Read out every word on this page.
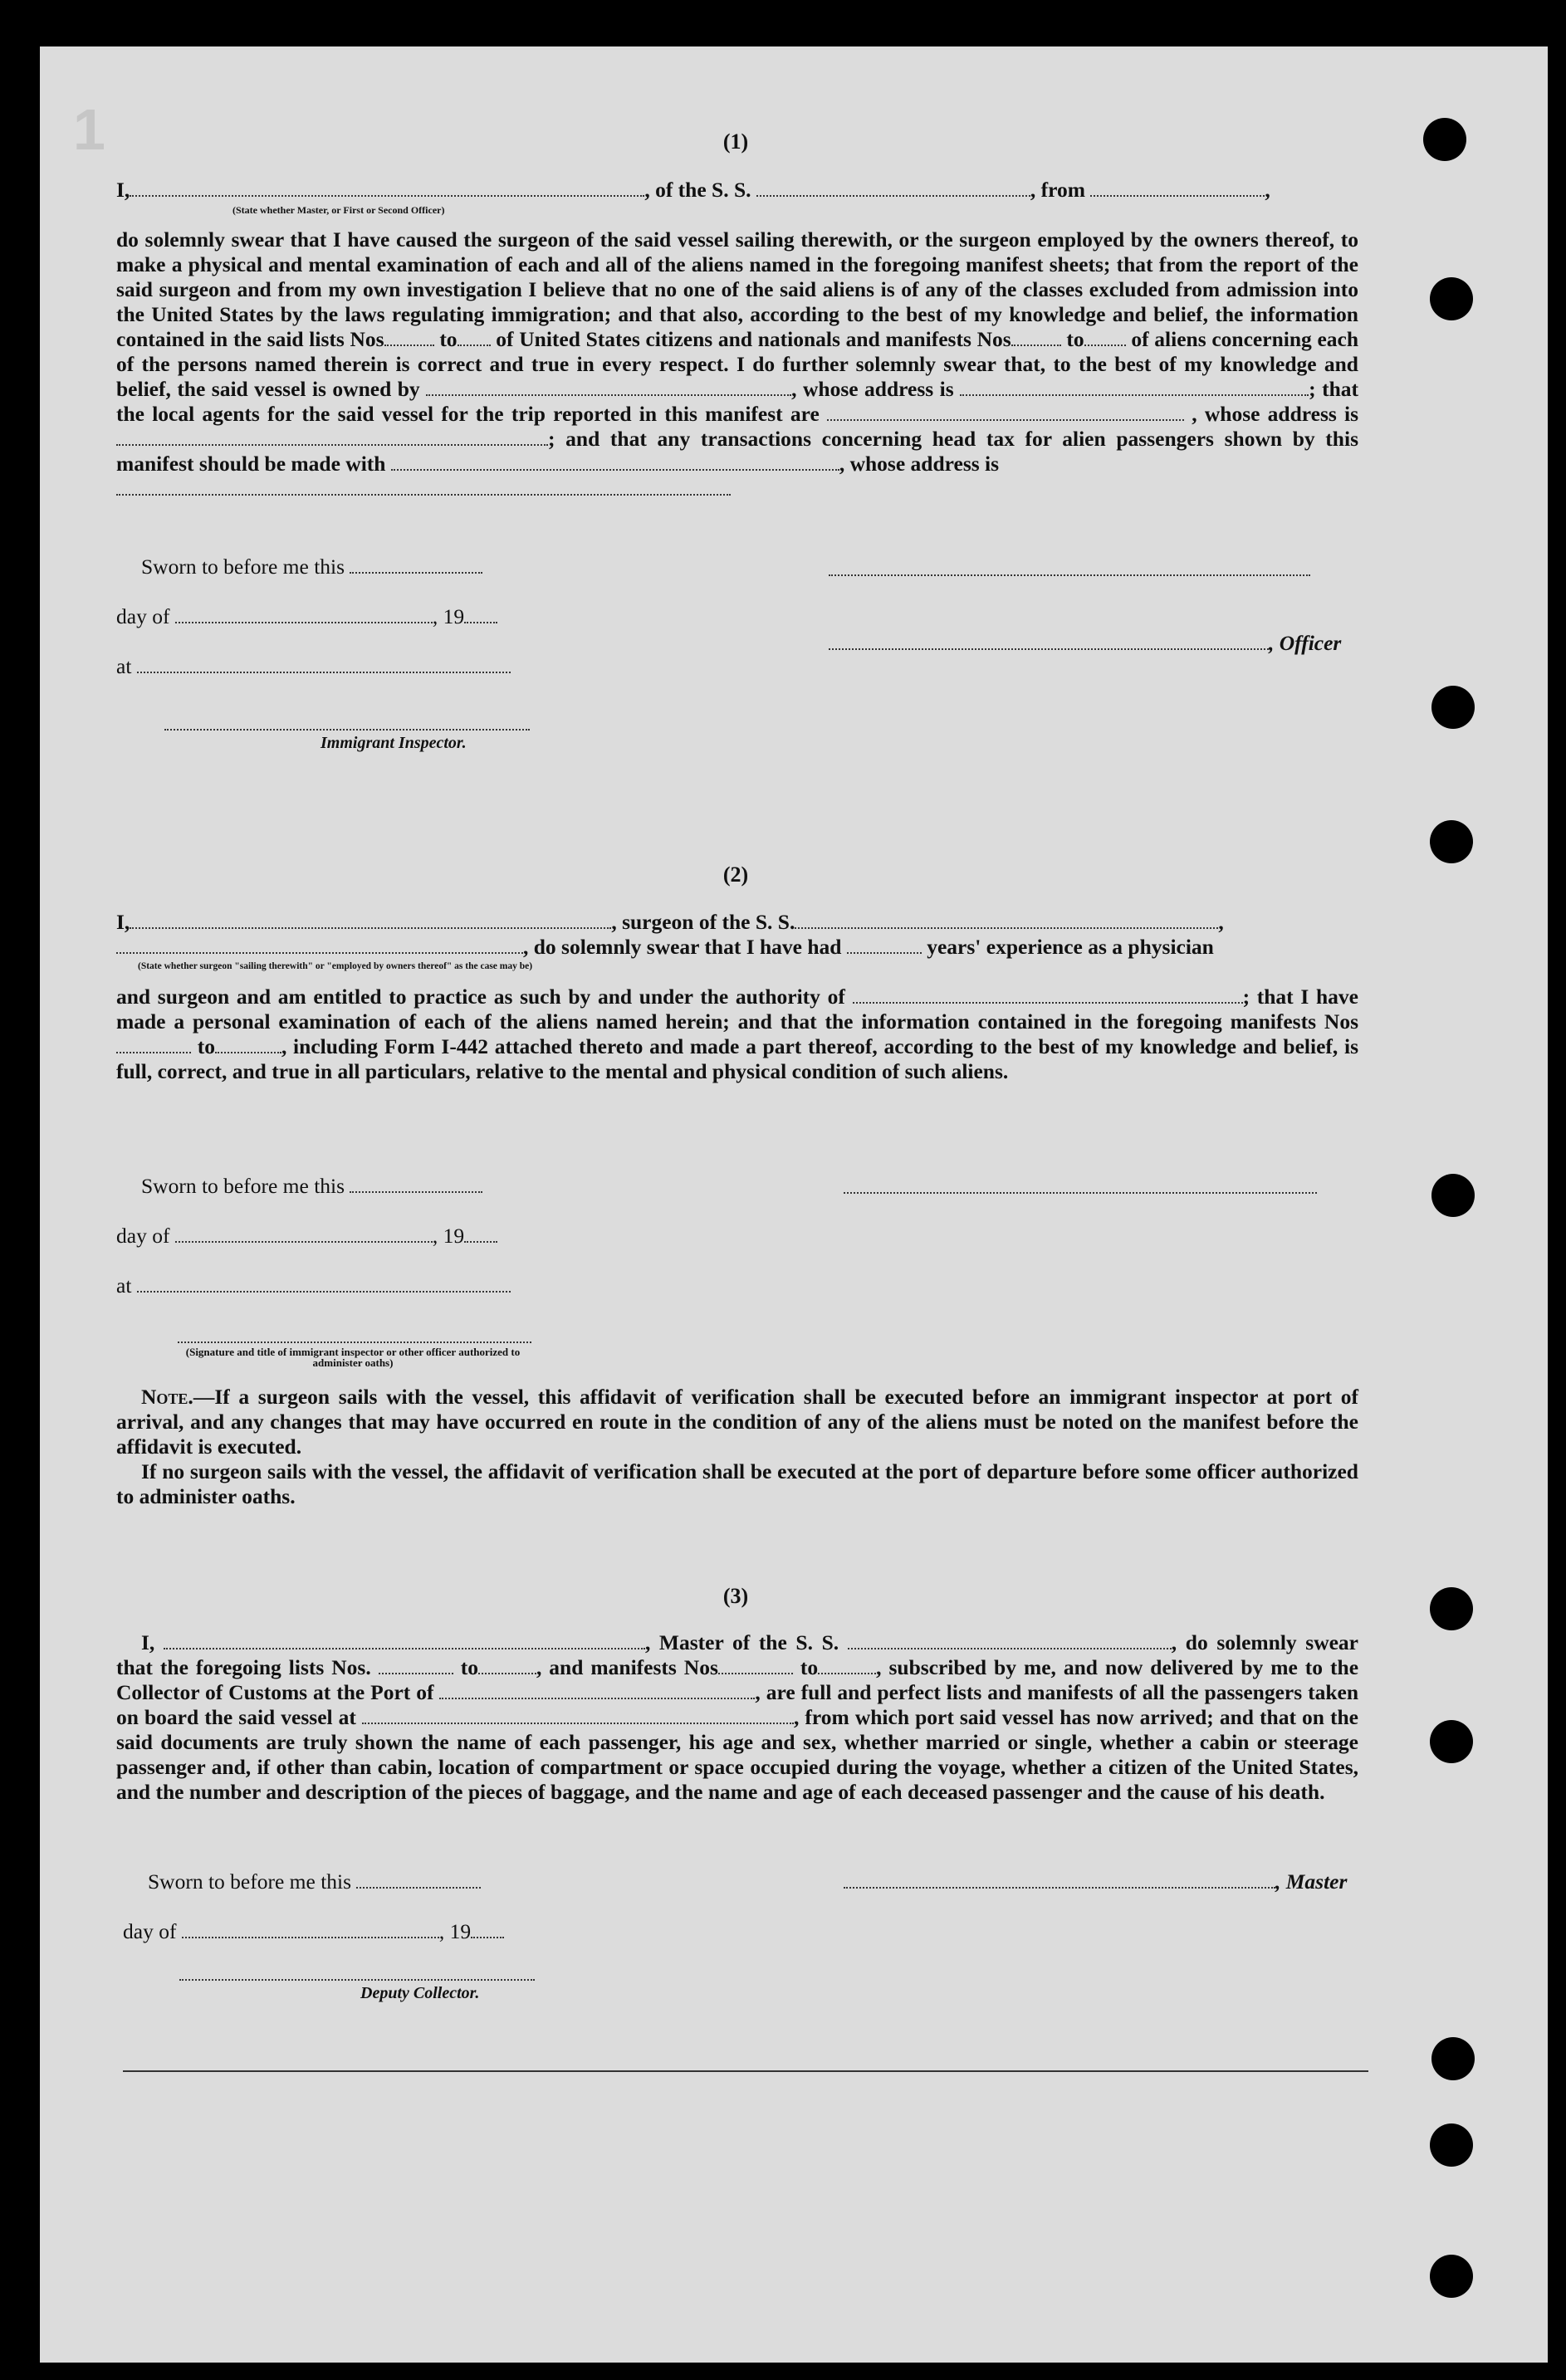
1	(1)
I,	, of the S. S.	, from	,
(State whether Master, or First or Second Officer)
do solemnly swear that I have caused the surgeon of the said vessel sailing therewith, or the surgeon employed by the owners thereof, to make a physical and mental examination of each and all of the aliens named in the foregoing manifest sheets; that from the report of the said surgeon and from my own investigation I believe that no one of the said aliens is of any of the classes excluded from admission into the United States by the laws regulating immigration; and that also, according to the best of my knowledge and belief, the information contained in the said lists Nos	to of United States citizens and nationals and manifests Nos	to of aliens concerning each of the persons named therein is correct and true in every respect. I do further solemnly swear that, to the best of my knowledge and belief, the said vessel is owned by	, whose address is	; that the local agents for the said vessel for the trip reported in this manifest are	, whose address is ; and that any transactions concerning head tax for alien passengers shown by this manifest should be made with	, whose address is

Sworn to before me this
day of	, 19
, Officer
at
Immigrant Inspector.
(2)
I,	, surgeon of the S. S.	,
, do solemnly swear that I have had	years' experience as a physician
(State whether surgeon "sailing therewith" or "employed by owners thereof" as the case may be)
and surgeon and am entitled to practice as such by and under the authority of	; that I have made a personal examination of each of the aliens named herein; and that the information contained in the foregoing manifests Nos to	, including Form I-442 attached thereto and made a part thereof, according to the best of my knowledge and belief, is full, correct, and true in all particulars, relative to the mental and physical condition of such aliens.
Sworn to before me this
day of	, 19
at
(Signature and title of immigrant inspector or other officer authorized to administer oaths)
Note.—If a surgeon sails with the vessel, this affidavit of verification shall be executed before an immigrant inspector at port of arrival, and any changes that may have occurred en route in the condition of any of the aliens must be noted on the manifest before the affidavit is executed.
If no surgeon sails with the vessel, the affidavit of verification shall be executed at the port of departure before some officer authorized to administer oaths.
(3)
I,	, Master of the S. S.	, do solemnly swear that the foregoing lists Nos.	to	, and manifests Nos	to	, subscribed by me, and now delivered by me to the Collector of Customs at the Port of	, are full and perfect lists and manifests of all the passengers taken on board the said vessel at	, from which port said vessel has now arrived; and that on the said documents are truly shown the name of each passenger, his age and sex, whether married or single, whether a cabin or steerage passenger and, if other than cabin, location of compartment or space occupied during the voyage, whether a citizen of the United States, and the number and description of the pieces of baggage, and the name and age of each deceased passenger and the cause of his death.
Sworn to before me this	, Master
day of	, 19
Deputy Collector.
